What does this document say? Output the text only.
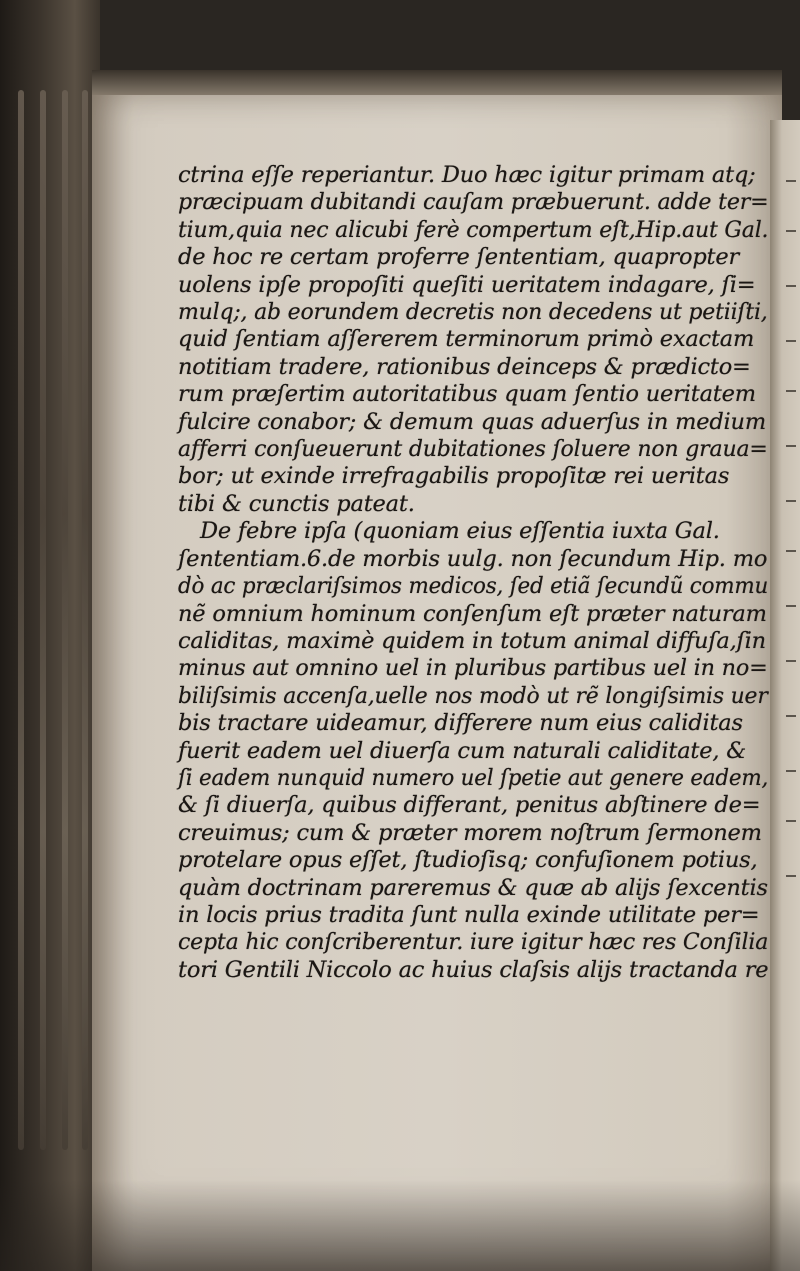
ctrina eſſe reperiantur. Duo hæc igitur primam atq;
præcipuam dubitandi cauſam præbuerunt. adde ter=
tium,quia nec alicubi ferè compertum eſt,Hip.aut Gal.
de hoc re certam proferre ſententiam, quapropter
uolens ipſe propoſiti queſiti ueritatem indagare, ſi=
mulq;, ab eorundem decretis non decedens ut petiiſti,
quid ſentiam aſſererem terminorum primò exactam
notitiam tradere, rationibus deinceps & prædicto=
rum præſertim autoritatibus quam ſentio ueritatem
fulcire conabor; & demum quas aduerſus in medium
afferri conſueuerunt dubitationes ſoluere non graua=
bor; ut exinde irrefragabilis propoſitæ rei ueritas
tibi & cunctis pateat.
De febre ipſa (quoniam eius eſſentia iuxta Gal.
ſententiam.6.de morbis uulg. non ſecundum Hip. mo
dò ac præclariſsimos medicos, ſed etiã ſecundũ commu
nẽ omnium hominum conſenſum eſt præter naturam
caliditas, maximè quidem in totum animal diffuſa,ſin
minus aut omnino uel in pluribus partibus uel in no=
biliſsimis accenſa,uelle nos modò ut rẽ longiſsimis uer
bis tractare uideamur, differere num eius caliditas
fuerit eadem uel diuerſa cum naturali caliditate, &
ſi eadem nunquid numero uel ſpetie aut genere eadem,
& ſi diuerſa, quibus differant, penitus abſtinere de=
creuimus; cum & præter morem noſtrum ſermonem
protelare opus eſſet, ſtudioſisq; confuſionem potius,
quàm doctrinam pareremus & quæ ab aliјs ſexcentis
in locis prius tradita ſunt nulla exinde utilitate per=
cepta hic conſcriberentur. iure igitur hæc res Conſilia
tori Gentili Niccolo ac huius claſsis aliјs tractanda re
